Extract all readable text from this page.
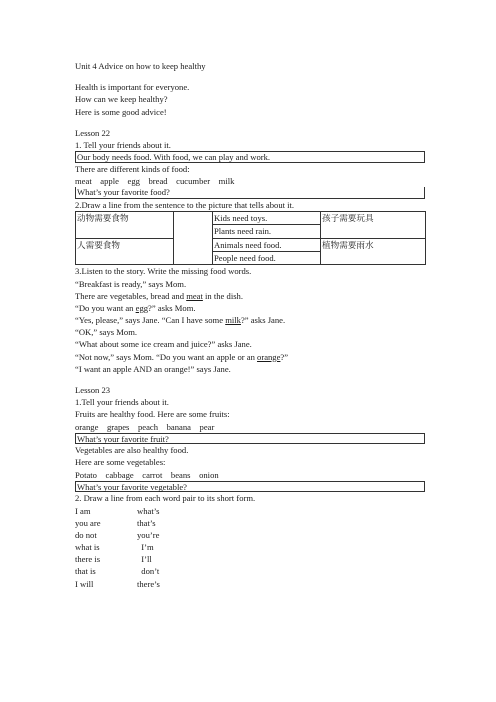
Unit 4 Advice on how to keep healthy
Health is important for everyone.
How can we keep healthy?
Here is some good advice!
Lesson 22
1. Tell your friends about it.
Our body needs food. With food, we can play and work.
There are different kinds of food:
meat    apple    egg    bread    cucumber    milk
What’s your favorite food?
2.Draw a line from the sentence to the picture that tells about it.
动物需要食物		Kids need toys.	孩子需要玩具
		Plants need rain.	
人需要食物		Animals need food.	植物需要雨水
		People need food.	
3.Listen to the story. Write the missing food words.
“Breakfast is ready,” says Mom.
There are vegetables, bread and meat in the dish.
“Do you want an egg?” asks Mom.
“Yes, please,” says Jane. “Can I have some milk?” asks Jane.
“OK,” says Mom.
“What about some ice cream and juice?” asks Jane.
“Not now,” says Mom. “Do you want an apple or an orange?”
“I want an apple AND an orange!” says Jane.
Lesson 23
1.Tell your friends about it.
Fruits are healthy food. Here are some fruits:
orange    grapes    peach    banana    pear
What’s your favorite fruit?
Vegetables are also healthy food.
Here are some vegetables:
Potato    cabbage    carrot    beans    onion
What’s your favorite vegetable?
2. Draw a line from each word pair to its short form.
I am	what’s
you are	that’s
do not	you’re
what is	I’m
there is	I’ll
that is	don’t
I will	there’s
